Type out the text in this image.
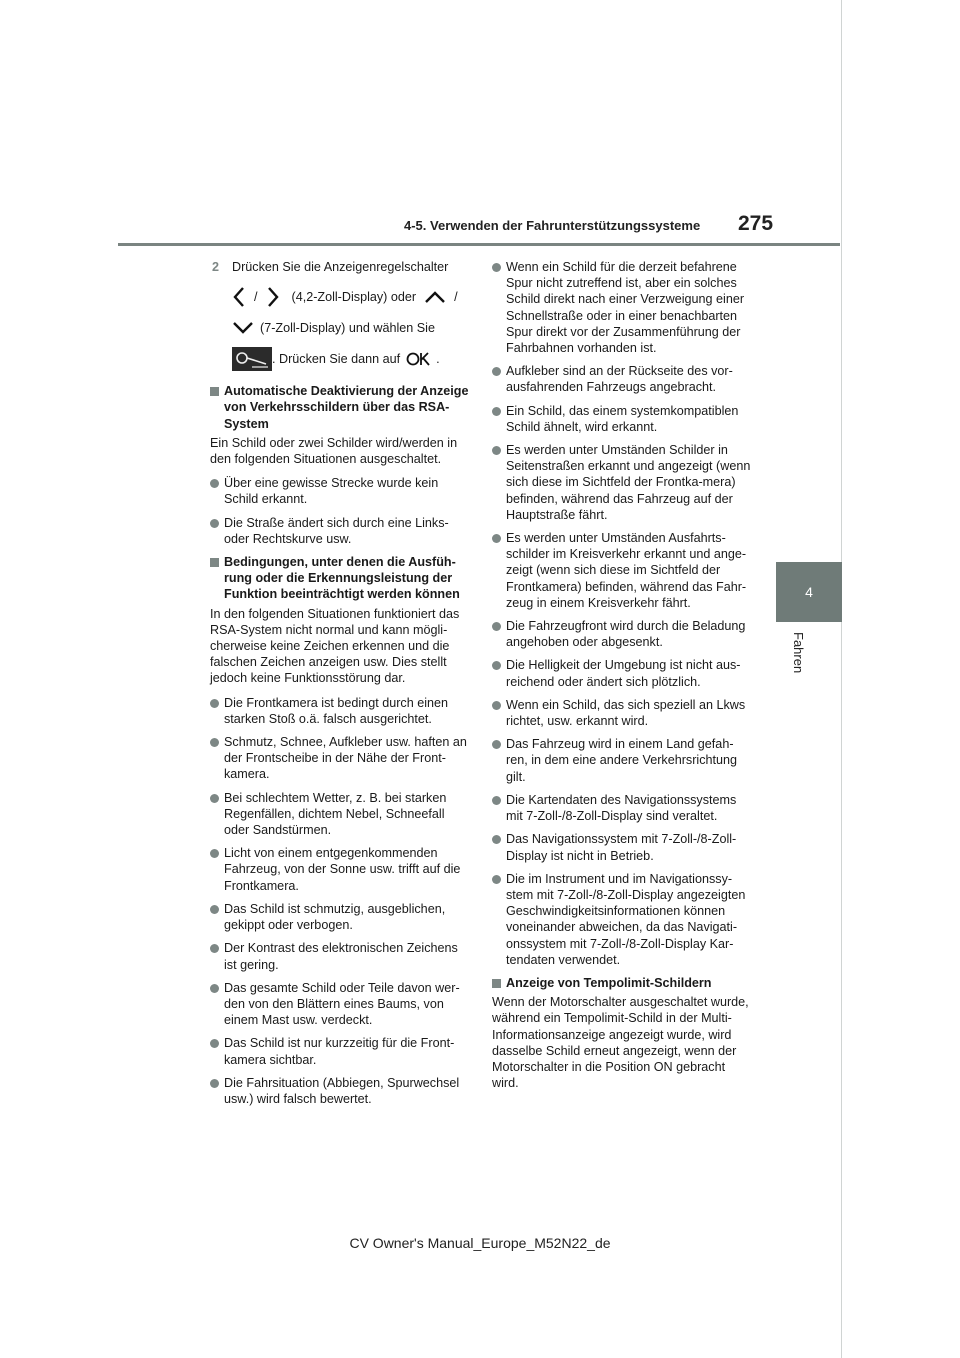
4-5. Verwenden der Fahrunterstützungssysteme 275
4
Fahren
2 Drücken Sie die Anzeigenregelschalter
/	(4,2-Zoll-Display) oder	/
(7-Zoll-Display) und wählen Sie
. Drücken Sie dann auf	.
Automatische Deaktivierung der Anzeige von Verkehrsschildern über das RSA-System

Ein Schild oder zwei Schilder wird/werden in den folgenden Situationen ausgeschaltet.

Über eine gewisse Strecke wurde kein Schild erkannt.
Die Straße ändert sich durch eine Links- oder Rechtskurve usw.
Bedingungen, unter denen die Ausfüh-rung oder die Erkennungsleistung der Funktion beeinträchtigt werden können

In den folgenden Situationen funktioniert das RSA-System nicht normal und kann mögli-cherweise keine Zeichen erkennen und die falschen Zeichen anzeigen usw. Dies stellt jedoch keine Funktionsstörung dar.

Die Frontkamera ist bedingt durch einen starken Stoß o.ä. falsch ausgerichtet.
Schmutz, Schnee, Aufkleber usw. haften an der Frontscheibe in der Nähe der Front-kamera.
Bei schlechtem Wetter, z. B. bei starken Regenfällen, dichtem Nebel, Schneefall oder Sandstürmen.
Licht von einem entgegenkommenden Fahrzeug, von der Sonne usw. trifft auf die Frontkamera.
Das Schild ist schmutzig, ausgeblichen, gekippt oder verbogen.
Der Kontrast des elektronischen Zeichens ist gering.
Das gesamte Schild oder Teile davon wer-den von den Blättern eines Baums, von einem Mast usw. verdeckt.
Das Schild ist nur kurzzeitig für die Front-kamera sichtbar.
Die Fahrsituation (Abbiegen, Spurwechsel usw.) wird falsch bewertet.
Wenn ein Schild für die derzeit befahrene Spur nicht zutreffend ist, aber ein solches Schild direkt nach einer Verzweigung einer Schnellstraße oder in einer benachbarten Spur direkt vor der Zusammenführung der Fahrbahnen vorhanden ist.
Aufkleber sind an der Rückseite des vor-ausfahrenden Fahrzeugs angebracht.
Ein Schild, das einem systemkompatiblen Schild ähnelt, wird erkannt.
Es werden unter Umständen Schilder in Seitenstraßen erkannt und angezeigt (wenn sich diese im Sichtfeld der Frontka-mera) befinden, während das Fahrzeug auf der Hauptstraße fährt.
Es werden unter Umständen Ausfahrts-schilder im Kreisverkehr erkannt und ange-zeigt (wenn sich diese im Sichtfeld der Frontkamera) befinden, während das Fahr-zeug in einem Kreisverkehr fährt.
Die Fahrzeugfront wird durch die Beladung angehoben oder abgesenkt.
Die Helligkeit der Umgebung ist nicht aus-reichend oder ändert sich plötzlich.
Wenn ein Schild, das sich speziell an Lkws richtet, usw. erkannt wird.
Das Fahrzeug wird in einem Land gefah-ren, in dem eine andere Verkehrsrichtung gilt.
Die Kartendaten des Navigationssystems mit 7-Zoll-/8-Zoll-Display sind veraltet.
Das Navigationssystem mit 7-Zoll-/8-Zoll-Display ist nicht in Betrieb.
Die im Instrument und im Navigationssy-stem mit 7-Zoll-/8-Zoll-Display angezeigten Geschwindigkeitsinformationen können voneinander abweichen, da das Navigati-onssystem mit 7-Zoll-/8-Zoll-Display Kar-tendaten verwendet.
Anzeige von Tempolimit-Schildern

Wenn der Motorschalter ausgeschaltet wurde, während ein Tempolimit-Schild in der Multi-Informationsanzeige angezeigt wurde, wird dasselbe Schild erneut angezeigt, wenn der Motorschalter in die Position ON gebracht wird.

CV Owner's Manual_Europe_M52N22_de
